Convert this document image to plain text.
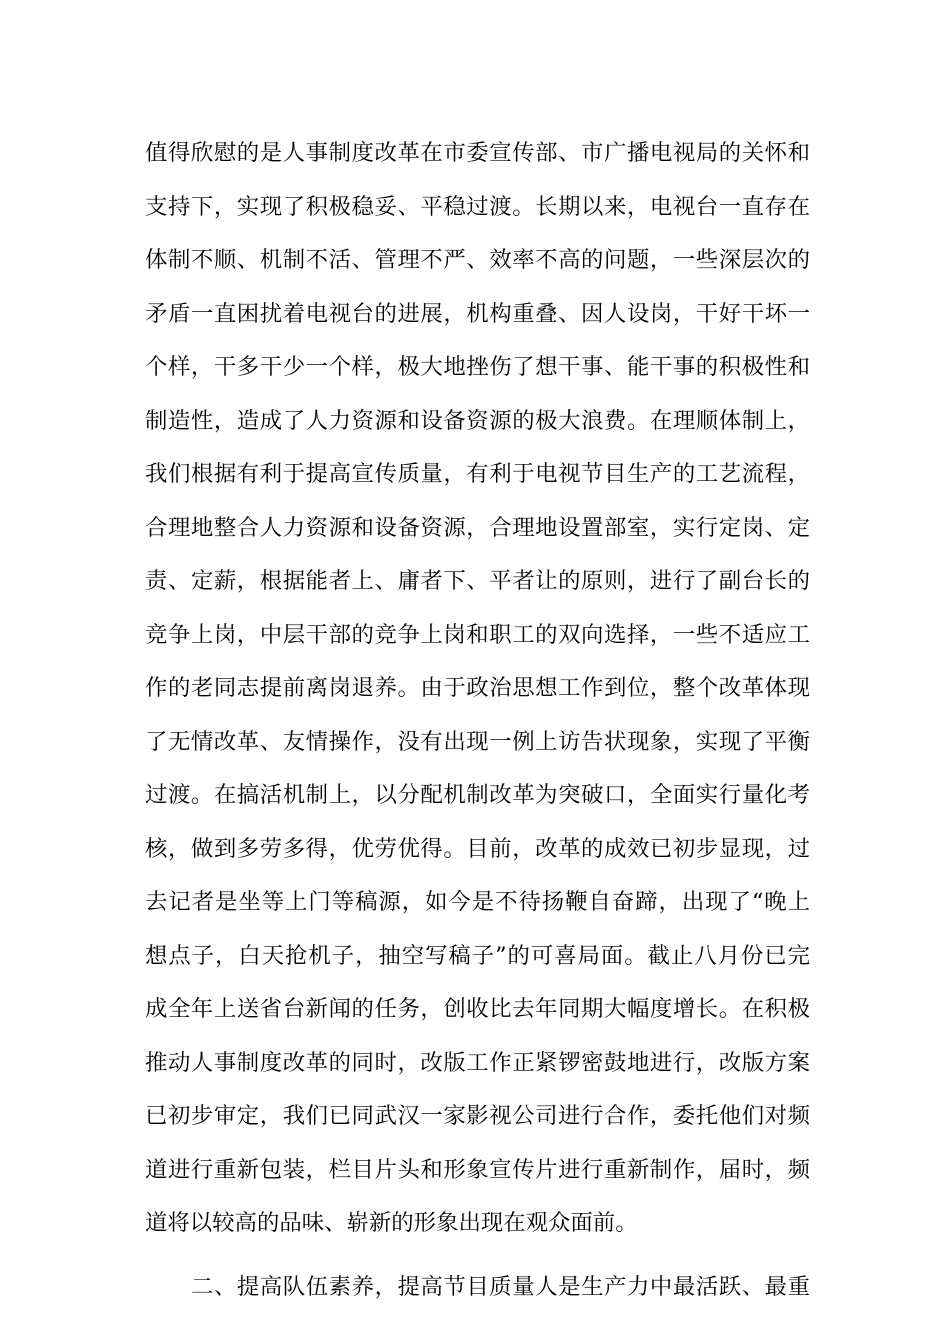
值得欣慰的是人事制度改革在市委宣传部、市广播电视局的关怀和
支持下，实现了积极稳妥、平稳过渡。长期以来，电视台一直存在
体制不顺、机制不活、管理不严、效率不高的问题，一些深层次的
矛盾一直困扰着电视台的进展，机构重叠、因人设岗，干好干坏一
个样，干多干少一个样，极大地挫伤了想干事、能干事的积极性和
制造性，造成了人力资源和设备资源的极大浪费。在理顺体制上，
我们根据有利于提高宣传质量，有利于电视节目生产的工艺流程，
合理地整合人力资源和设备资源，合理地设置部室，实行定岗、定
责、定薪，根据能者上、庸者下、平者让的原则，进行了副台长的
竞争上岗，中层干部的竞争上岗和职工的双向选择，一些不适应工
作的老同志提前离岗退养。由于政治思想工作到位，整个改革体现
了无情改革、友情操作，没有出现一例上访告状现象，实现了平衡
过渡。在搞活机制上，以分配机制改革为突破口，全面实行量化考
核，做到多劳多得，优劳优得。目前，改革的成效已初步显现，过
去记者是坐等上门等稿源，如今是不待扬鞭自奋蹄，出现了“晚上
想点子，白天抢机子，抽空写稿子”的可喜局面。截止八月份已完
成全年上送省台新闻的任务，创收比去年同期大幅度增长。在积极
推动人事制度改革的同时，改版工作正紧锣密鼓地进行，改版方案
已初步审定，我们已同武汉一家影视公司进行合作，委托他们对频
道进行重新包装，栏目片头和形象宣传片进行重新制作，届时，频
道将以较高的品味、崭新的形象出现在观众面前。
二、提高队伍素养，提高节目质量人是生产力中最活跃、最重
